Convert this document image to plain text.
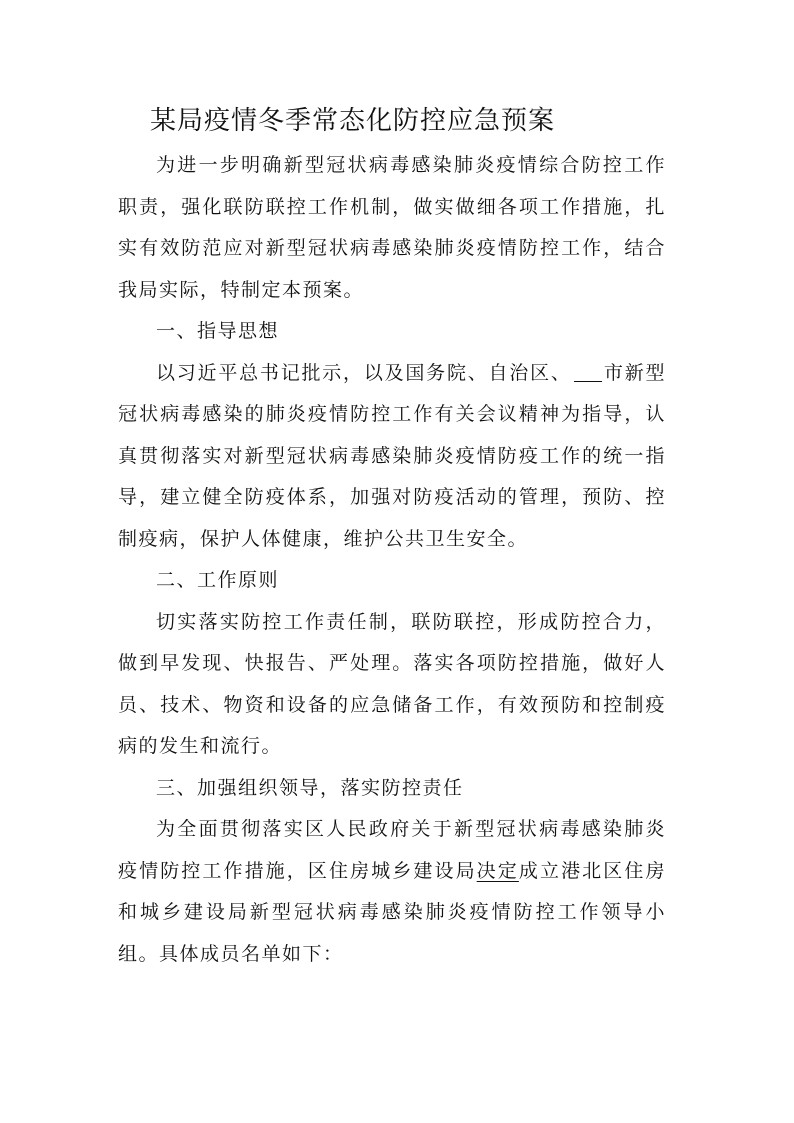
某局疫情冬季常态化防控应急预案

为进一步明确新型冠状病毒感染肺炎疫情综合防控工作职责，强化联防联控工作机制，做实做细各项工作措施，扎实有效防范应对新型冠状病毒感染肺炎疫情防控工作，结合我局实际，特制定本预案。

一、指导思想

以习近平总书记批示，以及国务院、自治区、 市新型冠状病毒感染的肺炎疫情防控工作有关会议精神为指导，认真贯彻落实对新型冠状病毒感染肺炎疫情防疫工作的统一指导，建立健全防疫体系，加强对防疫活动的管理，预防、控制疫病，保护人体健康，维护公共卫生安全。

二、工作原则

切实落实防控工作责任制，联防联控，形成防控合力，做到早发现、快报告、严处理。落实各项防控措施，做好人员、技术、物资和设备的应急储备工作，有效预防和控制疫病的发生和流行。

三、加强组织领导，落实防控责任

为全面贯彻落实区人民政府关于新型冠状病毒感染肺炎疫情防控工作措施，区住房城乡建设局决定成立港北区住房和城乡建设局新型冠状病毒感染肺炎疫情防控工作领导小组。具体成员名单如下：
